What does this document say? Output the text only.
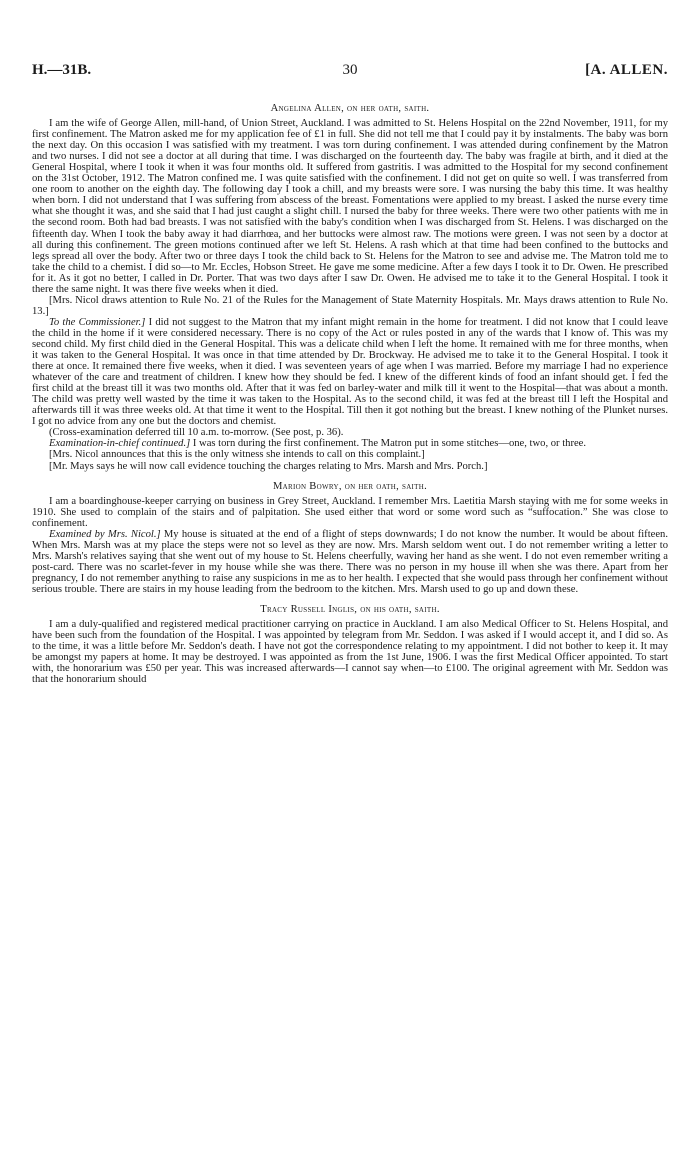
H.—31B.	30	[A. ALLEN.
Angelina Allen, on her oath, saith.

I am the wife of George Allen, mill-hand, of Union Street, Auckland. I was admitted to St. Helens Hospital on the 22nd November, 1911, for my first confinement. The Matron asked me for my application fee of £1 in full. She did not tell me that I could pay it by instalments. The baby was born the next day. On this occasion I was satisfied with my treatment. I was torn during confinement. I was attended during confinement by the Matron and two nurses. I did not see a doctor at all during that time. I was discharged on the fourteenth day. The baby was fragile at birth, and it died at the General Hospital, where I took it when it was four months old. It suffered from gastritis. I was admitted to the Hospital for my second confinement on the 31st October, 1912. The Matron confined me. I was quite satisfied with the confinement. I did not get on quite so well. I was transferred from one room to another on the eighth day. The following day I took a chill, and my breasts were sore. I was nursing the baby this time. It was healthy when born. I did not understand that I was suffering from abscess of the breast. Fomentations were applied to my breast. I asked the nurse every time what she thought it was, and she said that I had just caught a slight chill. I nursed the baby for three weeks. There were two other patients with me in the second room. Both had bad breasts. I was not satisfied with the baby's condition when I was discharged from St. Helens. I was discharged on the fifteenth day. When I took the baby away it had diarrhœa, and her buttocks were almost raw. The motions were green. I was not seen by a doctor at all during this confinement. The green motions continued after we left St. Helens. A rash which at that time had been confined to the buttocks and legs spread all over the body. After two or three days I took the child back to St. Helens for the Matron to see and advise me. The Matron told me to take the child to a chemist. I did so—to Mr. Eccles, Hobson Street. He gave me some medicine. After a few days I took it to Dr. Owen. He prescribed for it. As it got no better, I called in Dr. Porter. That was two days after I saw Dr. Owen. He advised me to take it to the General Hospital. I took it there the same night. It was there five weeks when it died.

[Mrs. Nicol draws attention to Rule No. 21 of the Rules for the Management of State Maternity Hospitals. Mr. Mays draws attention to Rule No. 13.]

To the Commissioner.] I did not suggest to the Matron that my infant might remain in the home for treatment. I did not know that I could leave the child in the home if it were considered necessary. There is no copy of the Act or rules posted in any of the wards that I know of. This was my second child. My first child died in the General Hospital. This was a delicate child when I left the home. It remained with me for three months, when it was taken to the General Hospital. It was once in that time attended by Dr. Brockway. He advised me to take it to the General Hospital. I took it there at once. It remained there five weeks, when it died. I was seventeen years of age when I was married. Before my marriage I had no experience whatever of the care and treatment of children. I knew how they should be fed. I knew of the different kinds of food an infant should get. I fed the first child at the breast till it was two months old. After that it was fed on barley-water and milk till it went to the Hospital—that was about a month. The child was pretty well wasted by the time it was taken to the Hospital. As to the second child, it was fed at the breast till I left the Hospital and afterwards till it was three weeks old. At that time it went to the Hospital. Till then it got nothing but the breast. I knew nothing of the Plunket nurses. I got no advice from any one but the doctors and chemist.

(Cross-examination deferred till 10 a.m. to-morrow. (See post, p. 36).

Examination-in-chief continued.] I was torn during the first confinement. The Matron put in some stitches—one, two, or three.

[Mrs. Nicol announces that this is the only witness she intends to call on this complaint.]

[Mr. Mays says he will now call evidence touching the charges relating to Mrs. Marsh and Mrs. Porch.]

Marion Bowry, on her oath, saith.

I am a boardinghouse-keeper carrying on business in Grey Street, Auckland. I remember Mrs. Laetitia Marsh staying with me for some weeks in 1910. She used to complain of the stairs and of palpitation. She used either that word or some word such as “suffocation.” She was close to confinement.

Examined by Mrs. Nicol.] My house is situated at the end of a flight of steps downwards; I do not know the number. It would be about fifteen. When Mrs. Marsh was at my place the steps were not so level as they are now. Mrs. Marsh seldom went out. I do not remember writing a letter to Mrs. Marsh's relatives saying that she went out of my house to St. Helens cheerfully, waving her hand as she went. I do not even remember writing a post-card. There was no scarlet-fever in my house while she was there. There was no person in my house ill when she was there. Apart from her pregnancy, I do not remember anything to raise any suspicions in me as to her health. I expected that she would pass through her confinement without serious trouble. There are stairs in my house leading from the bedroom to the kitchen. Mrs. Marsh used to go up and down these.

Tracy Russell Inglis, on his oath, saith.

I am a duly-qualified and registered medical practitioner carrying on practice in Auckland. I am also Medical Officer to St. Helens Hospital, and have been such from the foundation of the Hospital. I was appointed by telegram from Mr. Seddon. I was asked if I would accept it, and I did so. As to the time, it was a little before Mr. Seddon's death. I have not got the correspondence relating to my appointment. I did not bother to keep it. It may be amongst my papers at home. It may be destroyed. I was appointed as from the 1st June, 1906. I was the first Medical Officer appointed. To start with, the honorarium was £50 per year. This was increased afterwards—I cannot say when—to £100. The original agreement with Mr. Seddon was that the honorarium should
